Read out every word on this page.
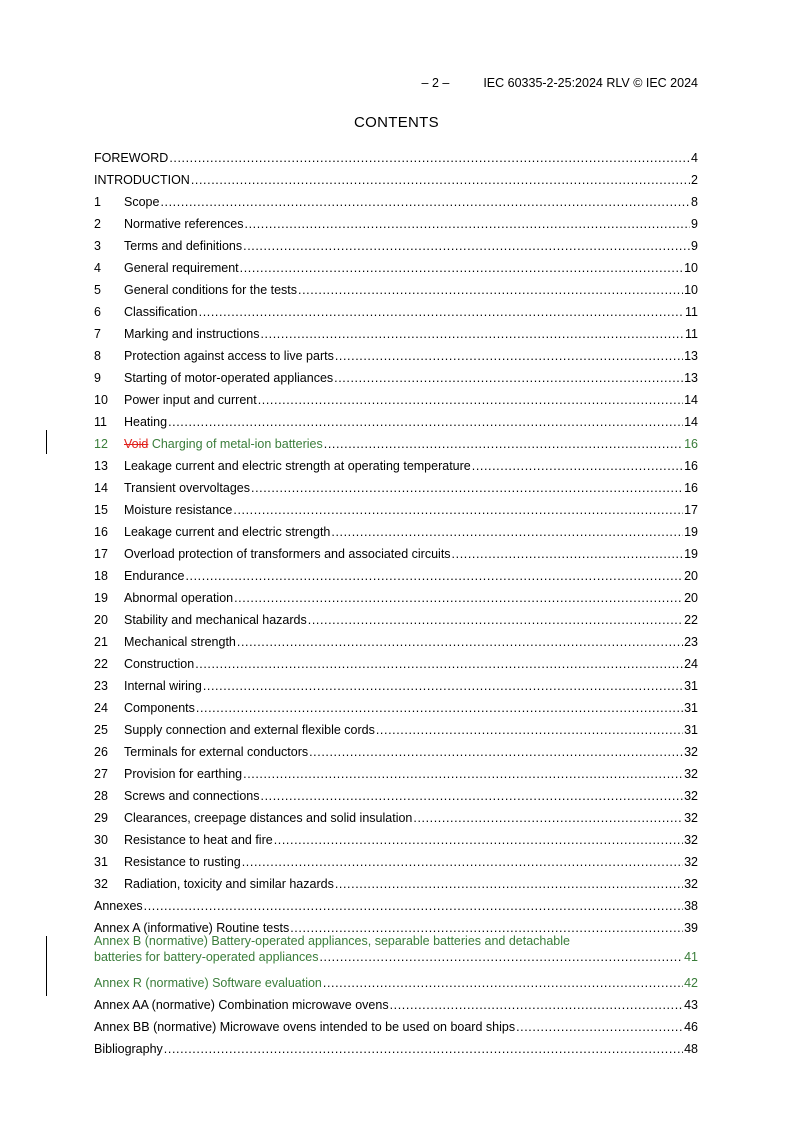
– 2 –	IEC 60335-2-25:2024 RLV © IEC 2024
CONTENTS
FOREWORD .....	4
INTRODUCTION .....	2
1	Scope .....	8
2	Normative references .....	9
3	Terms and definitions .....	9
4	General requirement .....	10
5	General conditions for the tests .....	10
6	Classification .....	11
7	Marking and instructions .....	11
8	Protection against access to live parts .....	13
9	Starting of motor-operated appliances .....	13
10	Power input and current .....	14
11	Heating .....	14
12	Void Charging of metal-ion batteries .....	16
13	Leakage current and electric strength at operating temperature .....	16
14	Transient overvoltages .....	16
15	Moisture resistance .....	17
16	Leakage current and electric strength .....	19
17	Overload protection of transformers and associated circuits .....	19
18	Endurance .....	20
19	Abnormal operation .....	20
20	Stability and mechanical hazards .....	22
21	Mechanical strength .....	23
22	Construction .....	24
23	Internal wiring .....	31
24	Components .....	31
25	Supply connection and external flexible cords .....	31
26	Terminals for external conductors .....	32
27	Provision for earthing .....	32
28	Screws and connections .....	32
29	Clearances, creepage distances and solid insulation .....	32
30	Resistance to heat and fire .....	32
31	Resistance to rusting .....	32
32	Radiation, toxicity and similar hazards .....	32
Annexes .....	38
Annex A (informative) Routine tests .....	39
Annex B (normative) Battery-operated appliances, separable batteries and detachable
batteries for battery-operated appliances .....	41
Annex R (normative) Software evaluation .....	42
Annex AA (normative) Combination microwave ovens .....	43
Annex BB (normative) Microwave ovens intended to be used on board ships .....	46
Bibliography .....	48
